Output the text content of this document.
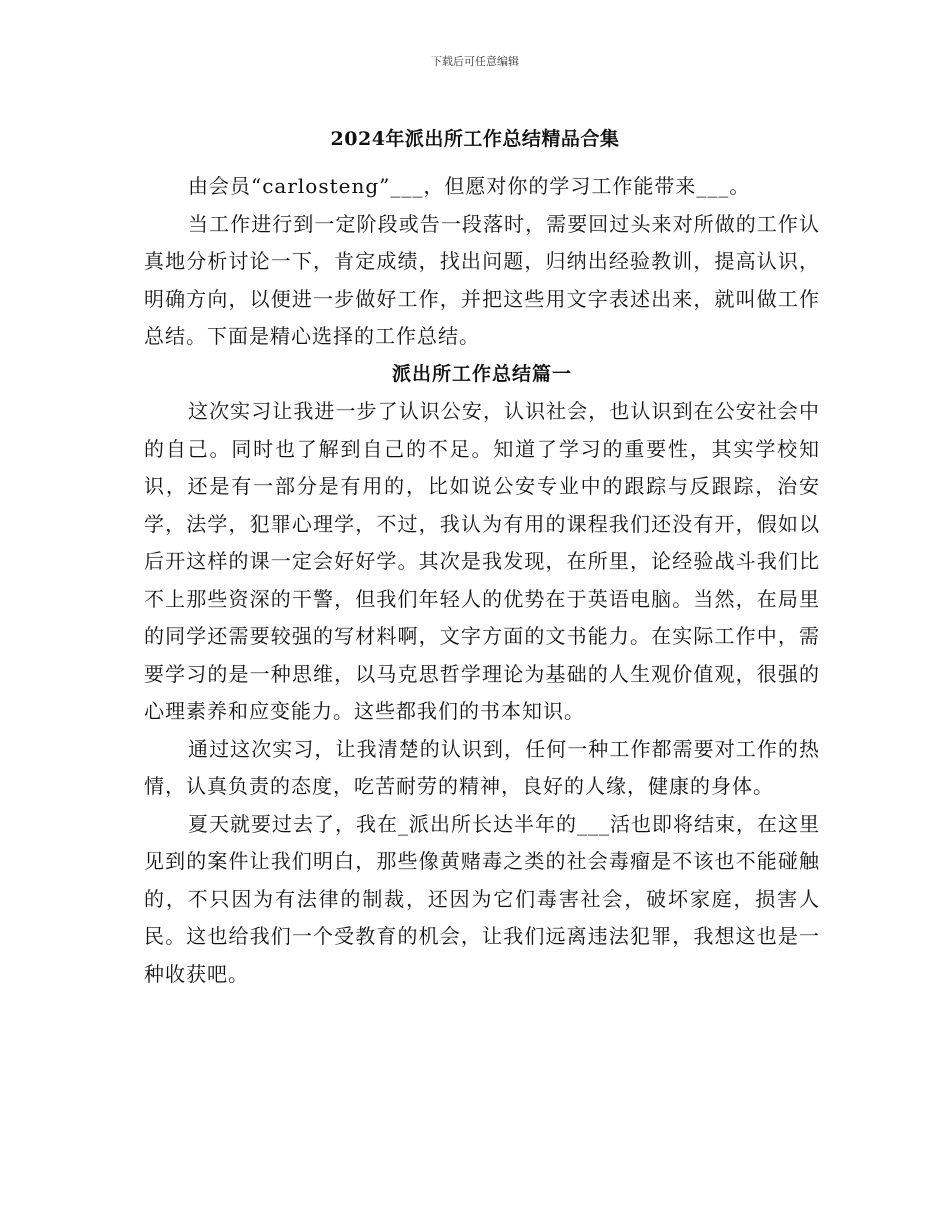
下载后可任意编辑
2024年派出所工作总结精品合集

由会员“carlosteng”___，但愿对你的学习工作能带来___。

当工作进行到一定阶段或告一段落时，需要回过头来对所做的工作认真地分析讨论一下，肯定成绩，找出问题，归纳出经验教训，提高认识，明确方向，以便进一步做好工作，并把这些用文字表述出来，就叫做工作总结。下面是精心选择的工作总结。

派出所工作总结篇一

这次实习让我进一步了认识公安，认识社会，也认识到在公安社会中的自己。同时也了解到自己的不足。知道了学习的重要性，其实学校知识，还是有一部分是有用的，比如说公安专业中的跟踪与反跟踪，治安学，法学，犯罪心理学，不过，我认为有用的课程我们还没有开，假如以后开这样的课一定会好好学。其次是我发现，在所里，论经验战斗我们比不上那些资深的干警，但我们年轻人的优势在于英语电脑。当然，在局里的同学还需要较强的写材料啊，文字方面的文书能力。在实际工作中，需要学习的是一种思维，以马克思哲学理论为基础的人生观价值观，很强的心理素养和应变能力。这些都我们的书本知识。

通过这次实习，让我清楚的认识到，任何一种工作都需要对工作的热情，认真负责的态度，吃苦耐劳的精神，良好的人缘，健康的身体。

夏天就要过去了，我在_派出所长达半年的___活也即将结束，在这里见到的案件让我们明白，那些像黄赌毒之类的社会毒瘤是不该也不能碰触的，不只因为有法律的制裁，还因为它们毒害社会，破坏家庭，损害人民。这也给我们一个受教育的机会，让我们远离违法犯罪，我想这也是一种收获吧。
